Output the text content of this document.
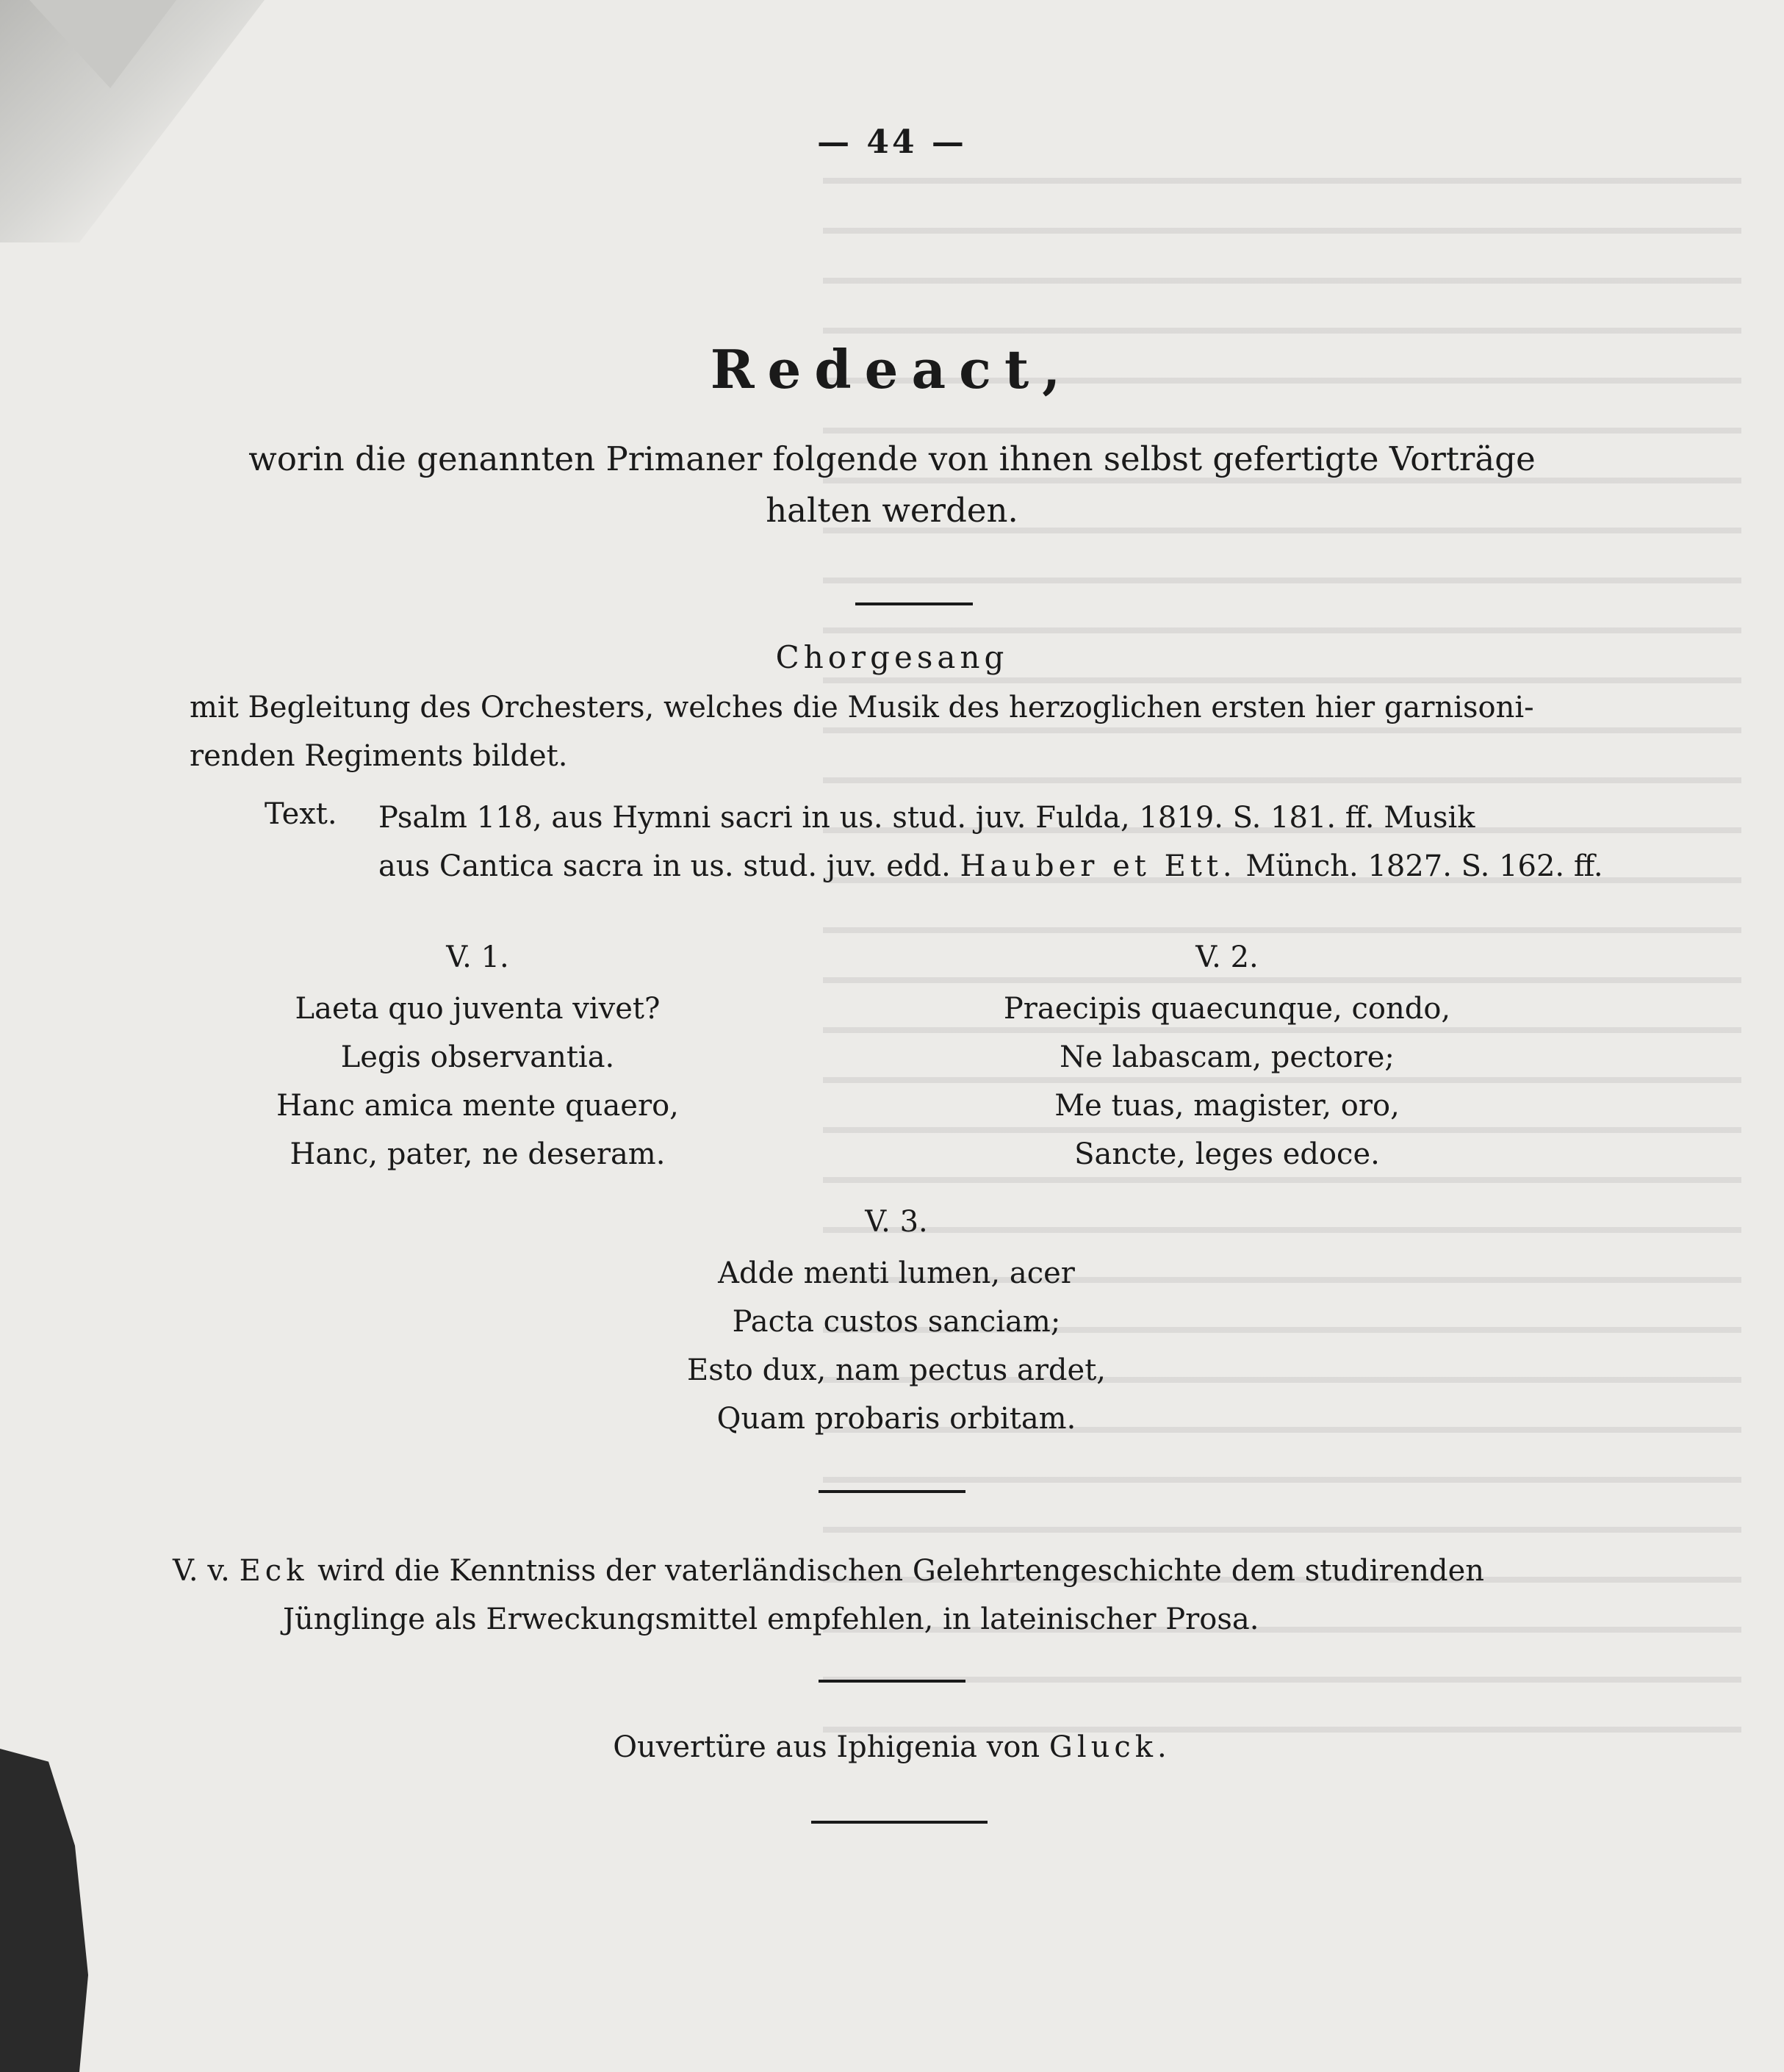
— 44 —
Redeact,
worin die genannten Primaner folgende von ihnen selbst gefertigte Vorträge
halten werden.
Chorgesang
mit Begleitung des Orchesters, welches die Musik des herzoglichen ersten hier garnisoni-
renden Regiments bildet.
Text. Psalm 118, aus Hymni sacri in us. stud. juv. Fulda, 1819. S. 181. ff. Musik
aus Cantica sacra in us. stud. juv. edd. Hauber et Ett. Münch. 1827. S. 162. ff.
V. 1.
Laeta quo juventa vivet?
Legis observantia.
Hanc amica mente quaero,
Hanc, pater, ne deseram.
V. 2.
Praecipis quaecunque, condo,
Ne labascam, pectore;
Me tuas, magister, oro,
Sancte, leges edoce.
V. 3.
Adde menti lumen, acer
Pacta custos sanciam;
Esto dux, nam pectus ardet,
Quam probaris orbitam.
V. v. Eck wird die Kenntniss der vaterländischen Gelehrtengeschichte dem studirenden
Jünglinge als Erweckungsmittel empfehlen, in lateinischer Prosa.
Ouvertüre aus Iphigenia von Gluck.
